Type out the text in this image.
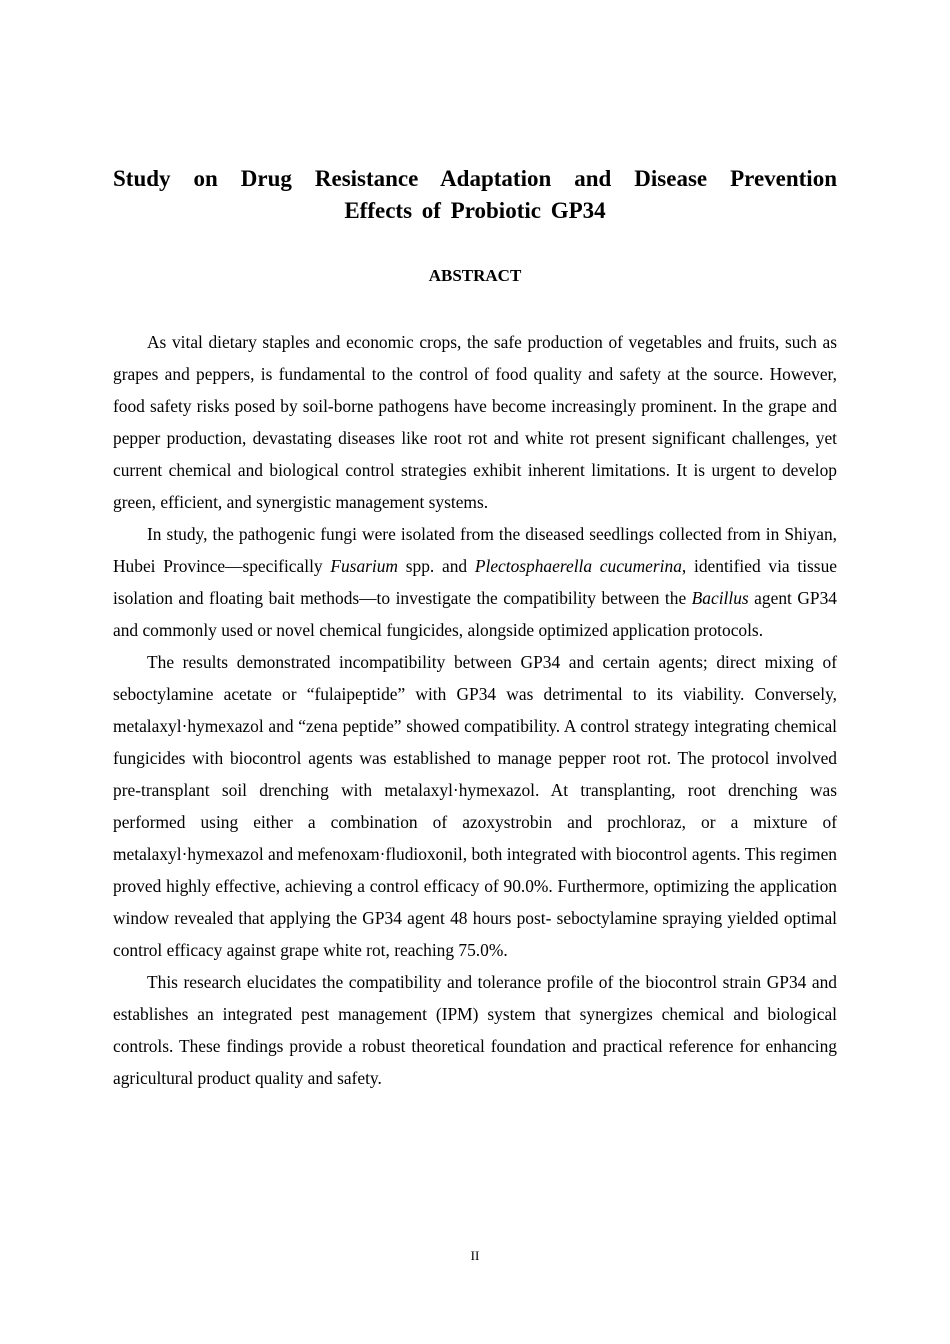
Study on Drug Resistance Adaptation and Disease Prevention
Effects of Probiotic GP34
ABSTRACT

As vital dietary staples and economic crops, the safe production of vegetables and fruits, such as grapes and peppers, is fundamental to the control of food quality and safety at the source. However, food safety risks posed by soil-borne pathogens have become increasingly prominent. In the grape and pepper production, devastating diseases like root rot and white rot present significant challenges, yet current chemical and biological control strategies exhibit inherent limitations. It is urgent to develop green, efficient, and synergistic management systems.

In study, the pathogenic fungi were isolated from the diseased seedlings collected from in Shiyan, Hubei Province—specifically Fusarium spp. and Plectosphaerella cucumerina, identified via tissue isolation and floating bait methods—to investigate the compatibility between the Bacillus agent GP34 and commonly used or novel chemical fungicides, alongside optimized application protocols.

The results demonstrated incompatibility between GP34 and certain agents; direct mixing of seboctylamine acetate or “fulaipeptide” with GP34 was detrimental to its viability. Conversely, metalaxyl·hymexazol and “zena peptide” showed compatibility. A control strategy integrating chemical fungicides with biocontrol agents was established to manage pepper root rot. The protocol involved pre-transplant soil drenching with metalaxyl·hymexazol. At transplanting, root drenching was performed using either a combination of azoxystrobin and prochloraz, or a mixture of metalaxyl·hymexazol and mefenoxam·fludioxonil, both integrated with biocontrol agents. This regimen proved highly effective, achieving a control efficacy of 90.0%. Furthermore, optimizing the application window revealed that applying the GP34 agent 48 hours post- seboctylamine spraying yielded optimal control efficacy against grape white rot, reaching 75.0%.

This research elucidates the compatibility and tolerance profile of the biocontrol strain GP34 and establishes an integrated pest management (IPM) system that synergizes chemical and biological controls. These findings provide a robust theoretical foundation and practical reference for enhancing agricultural product quality and safety.

II
